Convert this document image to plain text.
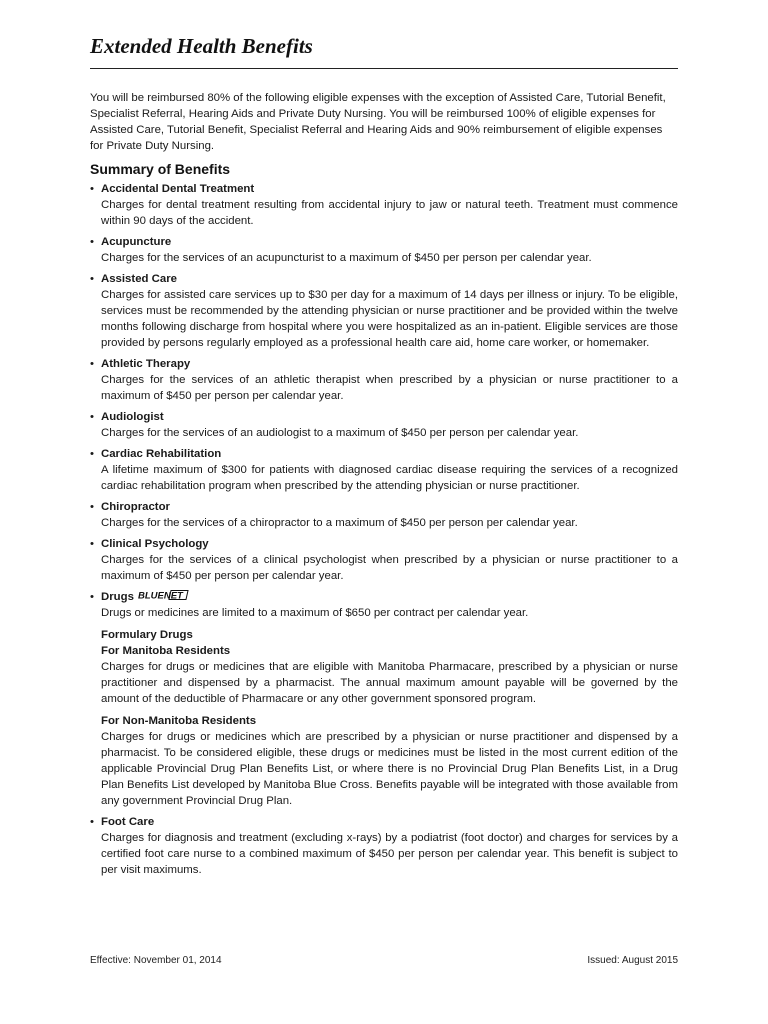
Extended Health Benefits

You will be reimbursed 80% of the following eligible expenses with the exception of Assisted Care, Tutorial Benefit, Specialist Referral, Hearing Aids and Private Duty Nursing. You will be reimbursed 100% of eligible expenses for Assisted Care, Tutorial Benefit, Specialist Referral and Hearing Aids and 90% reimbursement of eligible expenses for Private Duty Nursing.

Summary of Benefits
• Accidental Dental Treatment
Charges for dental treatment resulting from accidental injury to jaw or natural teeth. Treatment must commence within 90 days of the accident.
• Acupuncture
Charges for the services of an acupuncturist to a maximum of $450 per person per calendar year.
• Assisted Care
Charges for assisted care services up to $30 per day for a maximum of 14 days per illness or injury. To be eligible, services must be recommended by the attending physician or nurse practitioner and be provided within the twelve months following discharge from hospital where you were hospitalized as an in-patient. Eligible services are those provided by persons regularly employed as a professional health care aid, home care worker, or homemaker.
• Athletic Therapy
Charges for the services of an athletic therapist when prescribed by a physician or nurse practitioner to a maximum of $450 per person per calendar year.
• Audiologist
Charges for the services of an audiologist to a maximum of $450 per person per calendar year.
• Cardiac Rehabilitation
A lifetime maximum of $300 for patients with diagnosed cardiac disease requiring the services of a recognized cardiac rehabilitation program when prescribed by the attending physician or nurse practitioner.
• Chiropractor
Charges for the services of a chiropractor to a maximum of $450 per person per calendar year.
• Clinical Psychology
Charges for the services of a clinical psychologist when prescribed by a physician or nurse practitioner to a maximum of $450 per person per calendar year.
• Drugs BLUENET
Drugs or medicines are limited to a maximum of $650 per contract per calendar year.
Formulary Drugs
For Manitoba Residents
Charges for drugs or medicines that are eligible with Manitoba Pharmacare, prescribed by a physician or nurse practitioner and dispensed by a pharmacist. The annual maximum amount payable will be governed by the amount of the deductible of Pharmacare or any other government sponsored program.
For Non-Manitoba Residents
Charges for drugs or medicines which are prescribed by a physician or nurse practitioner and dispensed by a pharmacist. To be considered eligible, these drugs or medicines must be listed in the most current edition of the applicable Provincial Drug Plan Benefits List, or where there is no Provincial Drug Plan Benefits List, in a Drug Plan Benefits List developed by Manitoba Blue Cross. Benefits payable will be integrated with those available from any government Provincial Drug Plan.
• Foot Care
Charges for diagnosis and treatment (excluding x-rays) by a podiatrist (foot doctor) and charges for services by a certified foot care nurse to a combined maximum of $450 per person per calendar year. This benefit is subject to per visit maximums.
Effective: November 01, 2014	Issued: August 2015
